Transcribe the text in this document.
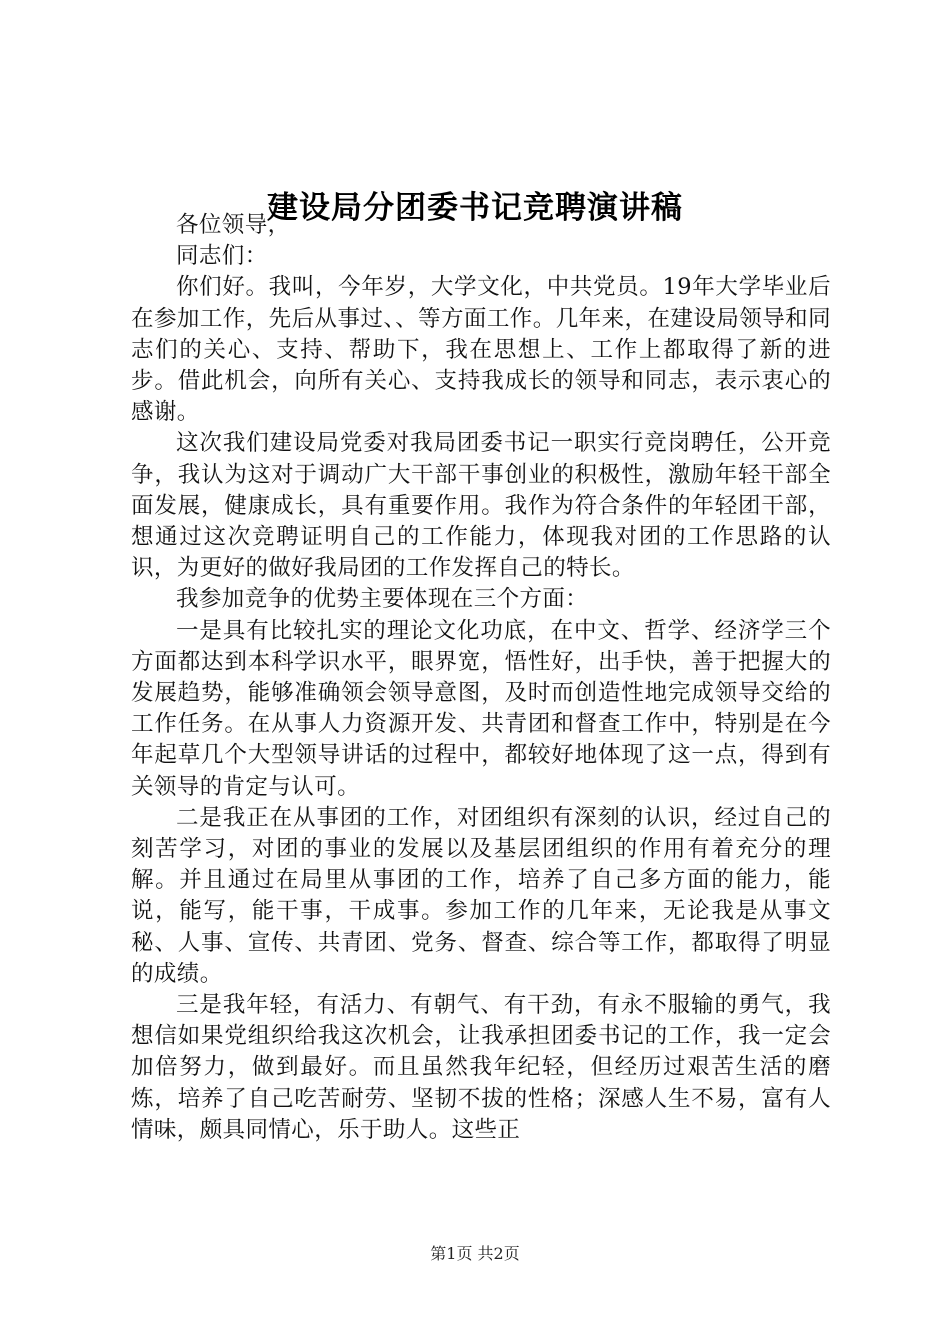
建设局分团委书记竞聘演讲稿

各位领导，

同志们：

你们好。我叫，今年岁，大学文化，中共党员。19年大学毕业后在参加工作，先后从事过、、等方面工作。几年来，在建设局领导和同志们的关心、支持、帮助下，我在思想上、工作上都取得了新的进步。借此机会，向所有关心、支持我成长的领导和同志，表示衷心的感谢。

这次我们建设局党委对我局团委书记一职实行竞岗聘任，公开竞争，我认为这对于调动广大干部干事创业的积极性，激励年轻干部全面发展，健康成长，具有重要作用。我作为符合条件的年轻团干部，想通过这次竞聘证明自己的工作能力，体现我对团的工作思路的认识，为更好的做好我局团的工作发挥自己的特长。

我参加竞争的优势主要体现在三个方面：

一是具有比较扎实的理论文化功底，在中文、哲学、经济学三个方面都达到本科学识水平，眼界宽，悟性好，出手快，善于把握大的发展趋势，能够准确领会领导意图，及时而创造性地完成领导交给的工作任务。在从事人力资源开发、共青团和督查工作中，特别是在今年起草几个大型领导讲话的过程中，都较好地体现了这一点，得到有关领导的肯定与认可。

二是我正在从事团的工作，对团组织有深刻的认识，经过自己的刻苦学习，对团的事业的发展以及基层团组织的作用有着充分的理解。并且通过在局里从事团的工作，培养了自己多方面的能力，能说，能写，能干事，干成事。参加工作的几年来，无论我是从事文秘、人事、宣传、共青团、党务、督查、综合等工作，都取得了明显的成绩。

三是我年轻，有活力、有朝气、有干劲，有永不服输的勇气，我想信如果党组织给我这次机会，让我承担团委书记的工作，我一定会加倍努力，做到最好。而且虽然我年纪轻，但经历过艰苦生活的磨炼，培养了自己吃苦耐劳、坚韧不拔的性格；深感人生不易，富有人情味，颇具同情心，乐于助人。这些正

第1页 共2页
